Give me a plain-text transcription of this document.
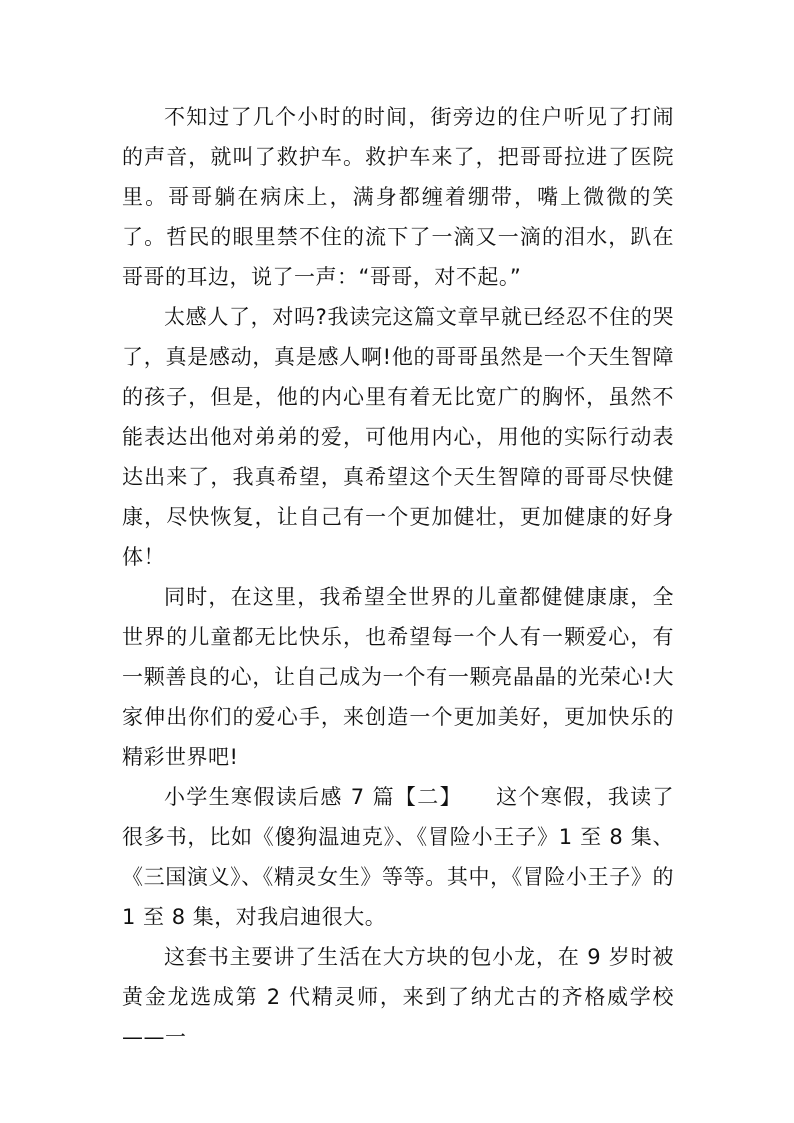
不知过了几个小时的时间，街旁边的住户听见了打闹的声音，就叫了救护车。救护车来了，把哥哥拉进了医院里。哥哥躺在病床上，满身都缠着绷带，嘴上微微的笑了。哲民的眼里禁不住的流下了一滴又一滴的泪水，趴在哥哥的耳边，说了一声：“哥哥，对不起。”

太感人了，对吗?我读完这篇文章早就已经忍不住的哭了，真是感动，真是感人啊!他的哥哥虽然是一个天生智障的孩子，但是，他的内心里有着无比宽广的胸怀，虽然不能表达出他对弟弟的爱，可他用内心，用他的实际行动表达出来了，我真希望，真希望这个天生智障的哥哥尽快健康，尽快恢复，让自己有一个更加健壮，更加健康的好身体！

同时，在这里，我希望全世界的儿童都健健康康，全世界的儿童都无比快乐，也希望每一个人有一颗爱心，有一颗善良的心，让自己成为一个有一颗亮晶晶的光荣心!大家伸出你们的爱心手，来创造一个更加美好，更加快乐的精彩世界吧!

小学生寒假读后感 7 篇【二】　　这个寒假，我读了很多书，比如《傻狗温迪克》、《冒险小王子》1 至 8 集、《三国演义》、《精灵女生》等等。其中，《冒险小王子》的 1 至 8 集，对我启迪很大。

这套书主要讲了生活在大方块的包小龙，在 9 岁时被黄金龙选成第 2 代精灵师，来到了纳尤古的齐格威学校——一
